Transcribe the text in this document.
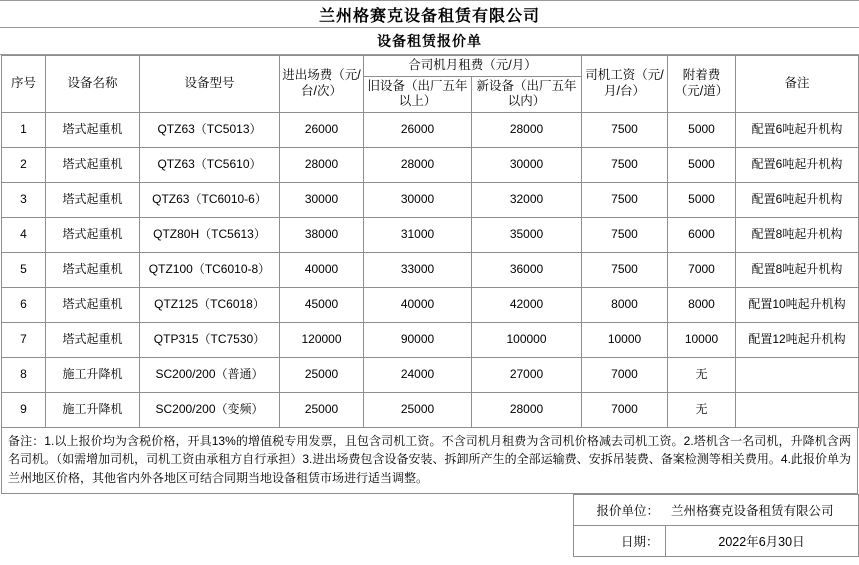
兰州格赛克设备租赁有限公司
设备租赁报价单
序号	设备名称	设备型号	进出场费（元/台/次）	合司机月租费（元/月）		司机工资（元/月/台）	附着费（元/道）	备注
				旧设备（出厂五年以上）	新设备（出厂五年以内）			
1	塔式起重机	QTZ63（TC5013）	26000	26000	28000	7500	5000	配置6吨起升机构
2	塔式起重机	QTZ63（TC5610）	28000	28000	30000	7500	5000	配置6吨起升机构
3	塔式起重机	QTZ63（TC6010-6）	30000	30000	32000	7500	5000	配置6吨起升机构
4	塔式起重机	QTZ80H（TC5613）	38000	31000	35000	7500	6000	配置8吨起升机构
5	塔式起重机	QTZ100（TC6010-8）	40000	33000	36000	7500	7000	配置8吨起升机构
6	塔式起重机	QTZ125（TC6018）	45000	40000	42000	8000	8000	配置10吨起升机构
7	塔式起重机	QTP315（TC7530）	120000	90000	100000	10000	10000	配置12吨起升机构
8	施工升降机	SC200/200（普通）	25000	24000	27000	7000	无	
9	施工升降机	SC200/200（变频）	25000	25000	28000	7000	无	
备注：1.以上报价均为含税价格，开具13%的增值税专用发票，且包含司机工资。不含司机月租费为含司机价格减去司机工资。2.塔机含一名司机，升降机含两名司机。（如需增加司机，司机工资由承租方自行承担）3.进出场费包含设备安装、拆卸所产生的全部运输费、安拆吊装费、备案检测等相关费用。4.此报价单为兰州地区价格，其他省内外各地区可结合同期当地设备租赁市场进行适当调整。
	报价单位：	兰州格赛克设备租赁有限公司
	日期：	2022年6月30日
